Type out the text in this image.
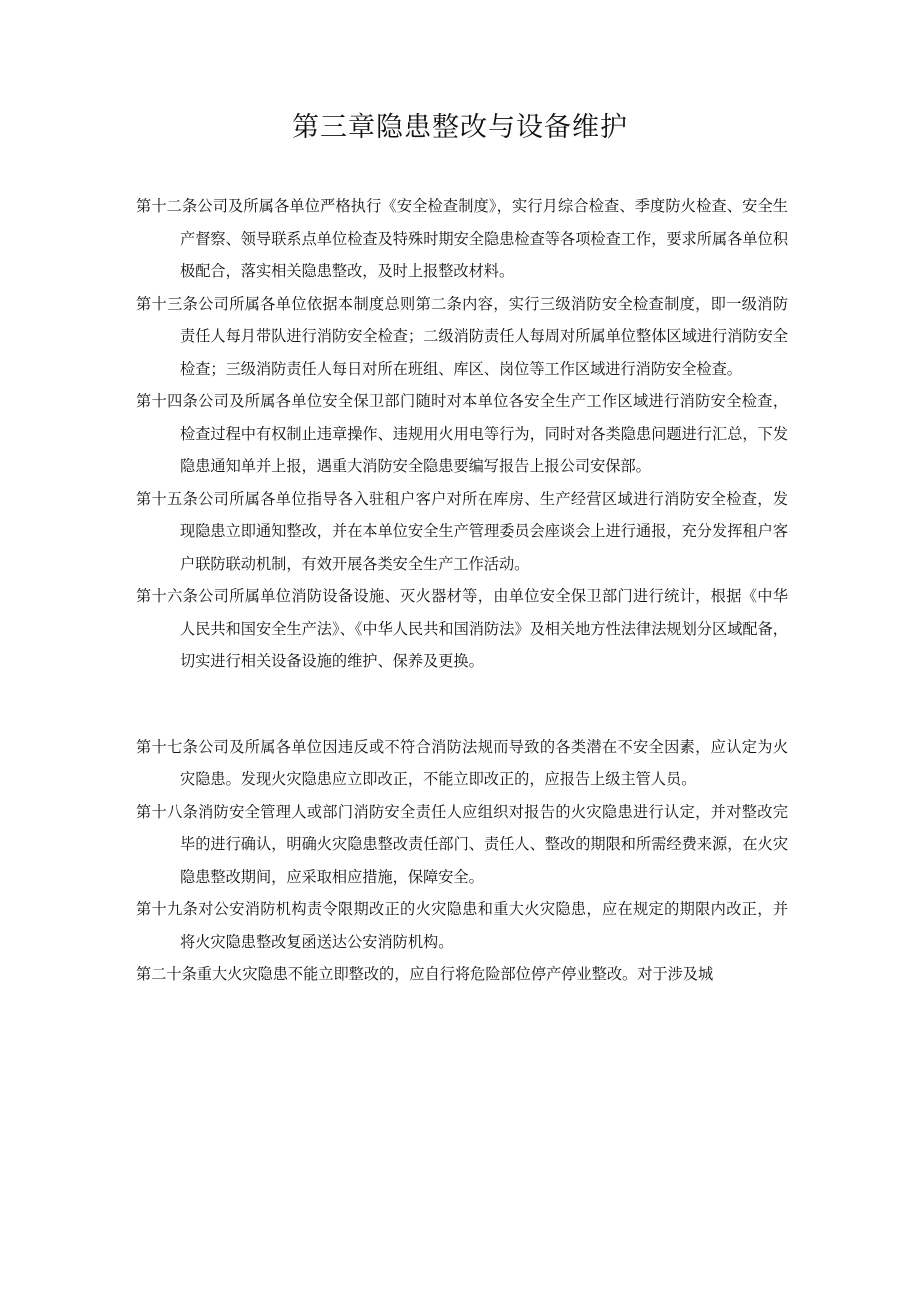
第三章隐患整改与设备维护

第十二条公司及所属各单位严格执行《安全检查制度》，实行月综合检查、季度防火检查、安全生产督察、领导联系点单位检查及特殊时期安全隐患检查等各项检查工作，要求所属各单位积极配合，落实相关隐患整改，及时上报整改材料。

第十三条公司所属各单位依据本制度总则第二条内容，实行三级消防安全检查制度，即一级消防责任人每月带队进行消防安全检查；二级消防责任人每周对所属单位整体区域进行消防安全检查；三级消防责任人每日对所在班组、库区、岗位等工作区域进行消防安全检查。

第十四条公司及所属各单位安全保卫部门随时对本单位各安全生产工作区域进行消防安全检查，检查过程中有权制止违章操作、违规用火用电等行为，同时对各类隐患问题进行汇总，下发隐患通知单并上报，遇重大消防安全隐患要编写报告上报公司安保部。

第十五条公司所属各单位指导各入驻租户客户对所在库房、生产经营区域进行消防安全检查，发现隐患立即通知整改，并在本单位安全生产管理委员会座谈会上进行通报，充分发挥租户客户联防联动机制，有效开展各类安全生产工作活动。

第十六条公司所属单位消防设备设施、灭火器材等，由单位安全保卫部门进行统计，根据《中华人民共和国安全生产法》、《中华人民共和国消防法》及相关地方性法律法规划分区域配备，切实进行相关设备设施的维护、保养及更换。

第十七条公司及所属各单位因违反或不符合消防法规而导致的各类潜在不安全因素，应认定为火灾隐患。发现火灾隐患应立即改正，不能立即改正的，应报告上级主管人员。

第十八条消防安全管理人或部门消防安全责任人应组织对报告的火灾隐患进行认定，并对整改完毕的进行确认，明确火灾隐患整改责任部门、责任人、整改的期限和所需经费来源，在火灾隐患整改期间，应采取相应措施，保障安全。

第十九条对公安消防机构责令限期改正的火灾隐患和重大火灾隐患，应在规定的期限内改正，并将火灾隐患整改复函送达公安消防机构。

第二十条重大火灾隐患不能立即整改的，应自行将危险部位停产停业整改。对于涉及城
